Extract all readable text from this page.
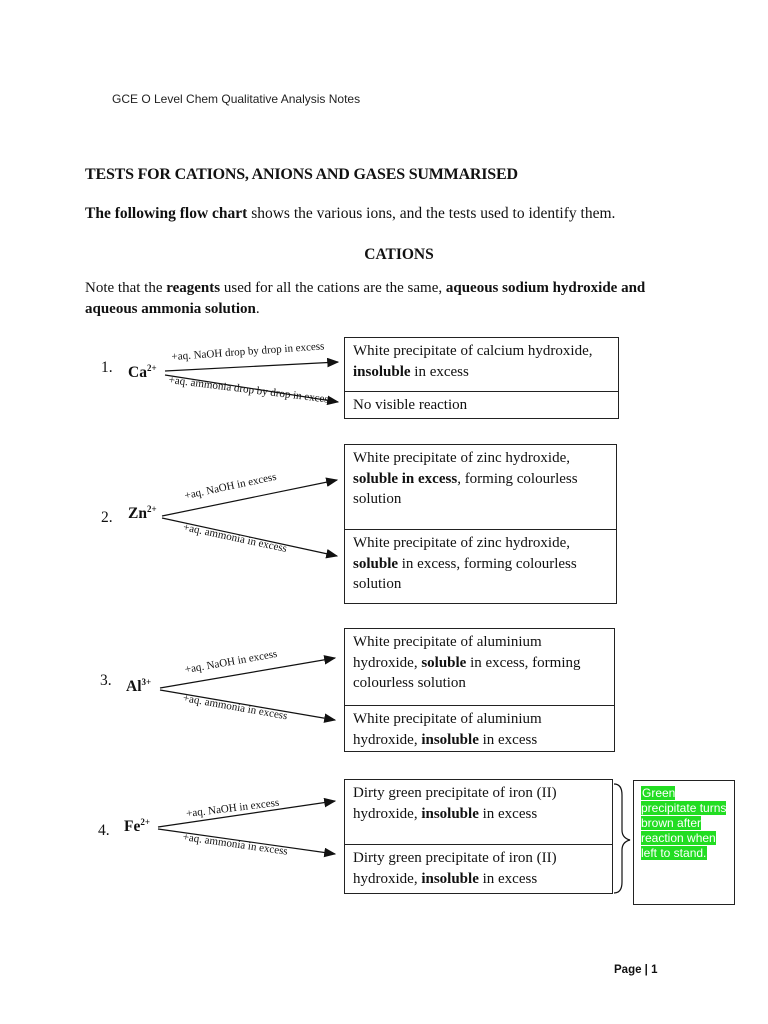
GCE O Level Chem Qualitative Analysis Notes
TESTS FOR CATIONS, ANIONS AND GASES SUMMARISED
The following flow chart shows the various ions, and the tests used to identify them.
CATIONS
Note that the reagents used for all the cations are the same, aqueous sodium hydroxide and aqueous ammonia solution.
1. $Ca^{2+}$
+aq. NaOH drop by drop in excess
+aq. ammonia drop by drop in excess
White precipitate of calcium hydroxide, insoluble in excess
No visible reaction
2. $Zn^{2+}$
+aq. NaOH in excess
+aq. ammonia in excess
White precipitate of zinc hydroxide, soluble in excess, forming colourless solution
White precipitate of zinc hydroxide, soluble in excess, forming colourless solution
3. $Al^{3+}$
+aq. NaOH in excess
+aq. ammonia in excess
White precipitate of aluminium hydroxide, soluble in excess, forming colourless solution
White precipitate of aluminium hydroxide, insoluble in excess
4. $Fe^{2+}$
+aq. NaOH in excess
+aq. ammonia in excess
Dirty green precipitate of iron (II) hydroxide, insoluble in excess
Dirty green precipitate of iron (II) hydroxide, insoluble in excess
Green precipitate turns brown after reaction when left to stand.
Page | 1
